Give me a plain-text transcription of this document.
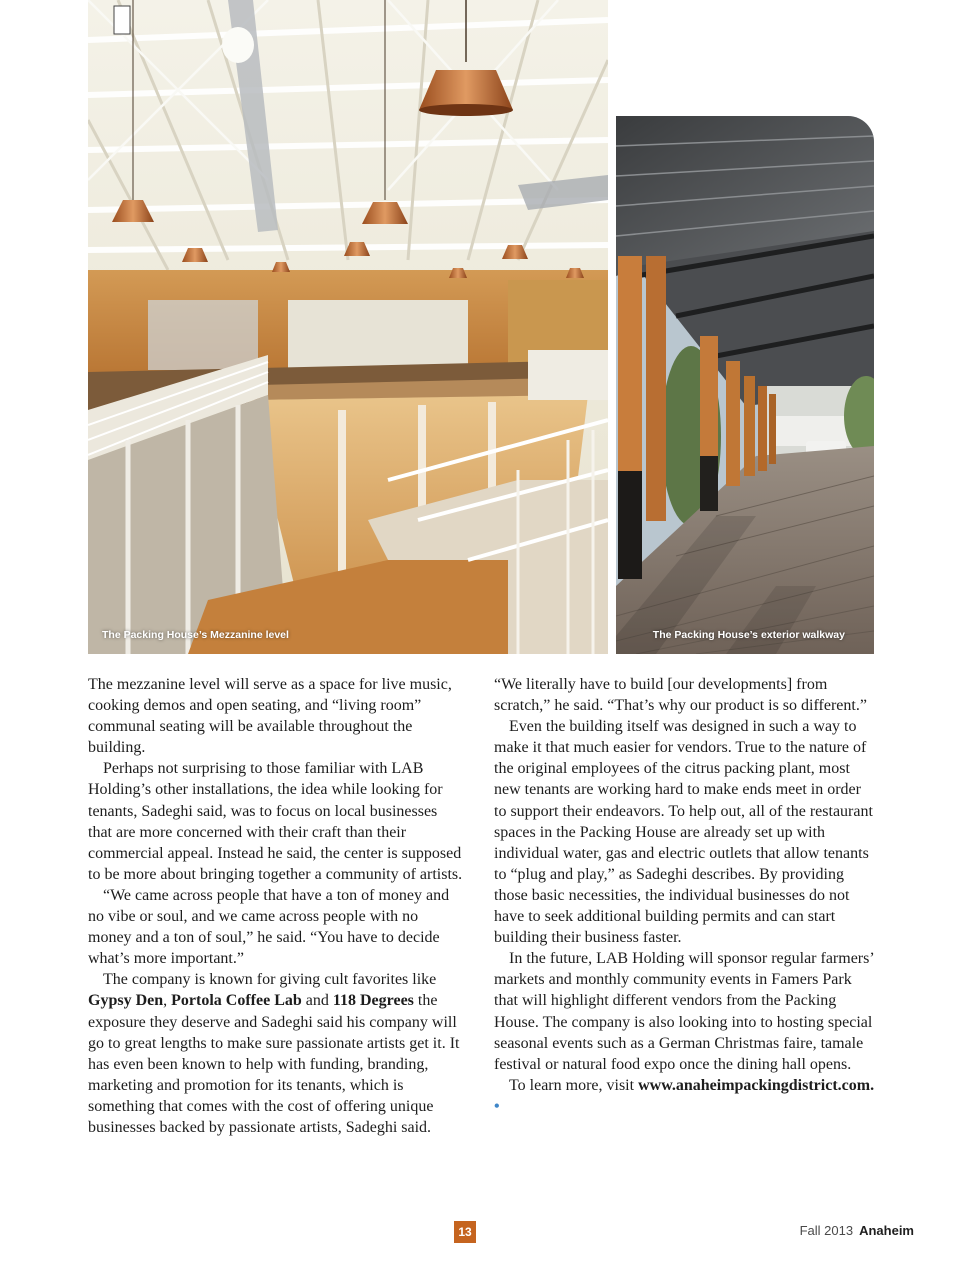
The Packing House’s Mezzanine level	The Packing House’s exterior walkway

The mezzanine level will serve as a space for live music, cooking demos and open seating, and “living room” communal seating will be available throughout the building.

Perhaps not surprising to those familiar with LAB Holding’s other installations, the idea while looking for tenants, Sadeghi said, was to focus on local businesses that are more concerned with their craft than their commercial appeal. Instead he said, the center is supposed to be more about bringing together a community of artists.

“We came across people that have a ton of money and no vibe or soul, and we came across people with no money and a ton of soul,” he said. “You have to decide what’s more important.”

The company is known for giving cult favorites like Gypsy Den, Portola Coffee Lab and 118 Degrees the exposure they deserve and Sadeghi said his company will go to great lengths to make sure passionate artists get it. It has even been known to help with funding, branding, marketing and promotion for its tenants, which is something that comes with the cost of offering unique businesses backed by passionate artists, Sadeghi said.

“We literally have to build [our developments] from scratch,” he said. “That’s why our product is so different.”

Even the building itself was designed in such a way to make it that much easier for vendors. True to the nature of the original employees of the citrus packing plant, most new tenants are working hard to make ends meet in order to support their endeavors. To help out, all of the restaurant spaces in the Packing House are already set up with individual water, gas and electric outlets that allow tenants to “plug and play,” as Sadeghi describes. By providing those basic necessities, the individual businesses do not have to seek additional building permits and can start building their business faster.

In the future, LAB Holding will sponsor regular farmers’ markets and monthly community events in Famers Park that will highlight different vendors from the Packing House. The company is also looking into to hosting special seasonal events such as a German Christmas faire, tamale festival or natural food expo once the dining hall opens.

To learn more, visit www.anaheimpackingdistrict.com. •

13	Fall 2013 Anaheim
